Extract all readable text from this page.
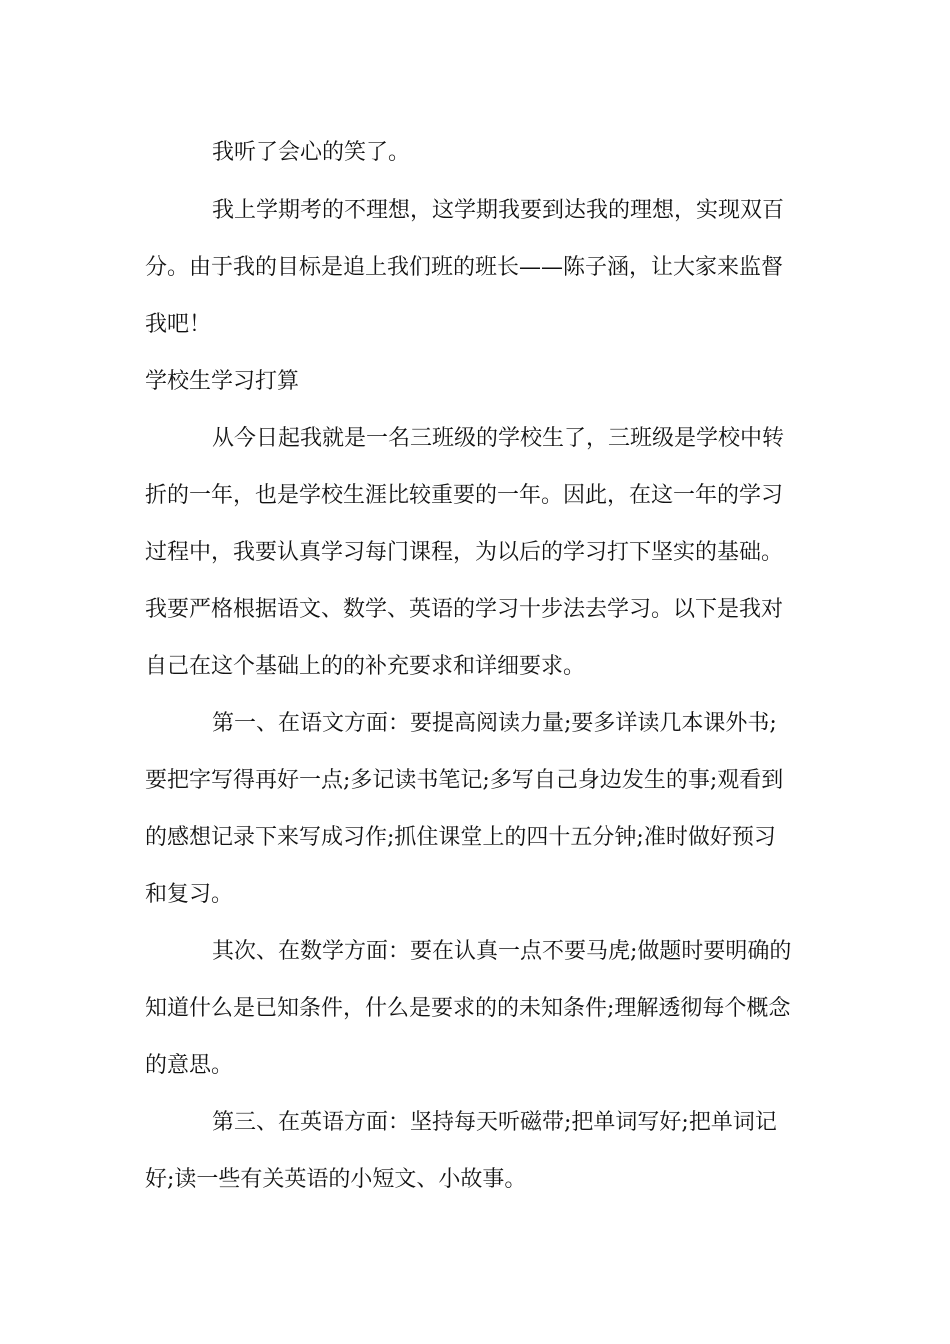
我听了会心的笑了。
我上学期考的不理想，这学期我要到达我的理想，实现双百
分。由于我的目标是追上我们班的班长——陈子涵，让大家来监督
我吧！
学校生学习打算
从今日起我就是一名三班级的学校生了，三班级是学校中转
折的一年，也是学校生涯比较重要的一年。因此，在这一年的学习
过程中，我要认真学习每门课程，为以后的学习打下坚实的基础。
我要严格根据语文、数学、英语的学习十步法去学习。以下是我对
自己在这个基础上的的补充要求和详细要求。
第一、在语文方面：要提高阅读力量;要多详读几本课外书;
要把字写得再好一点;多记读书笔记;多写自己身边发生的事;观看到
的感想记录下来写成习作;抓住课堂上的四十五分钟;准时做好预习
和复习。
其次、在数学方面：要在认真一点不要马虎;做题时要明确的
知道什么是已知条件，什么是要求的的未知条件;理解透彻每个概念
的意思。
第三、在英语方面：坚持每天听磁带;把单词写好;把单词记
好;读一些有关英语的小短文、小故事。
